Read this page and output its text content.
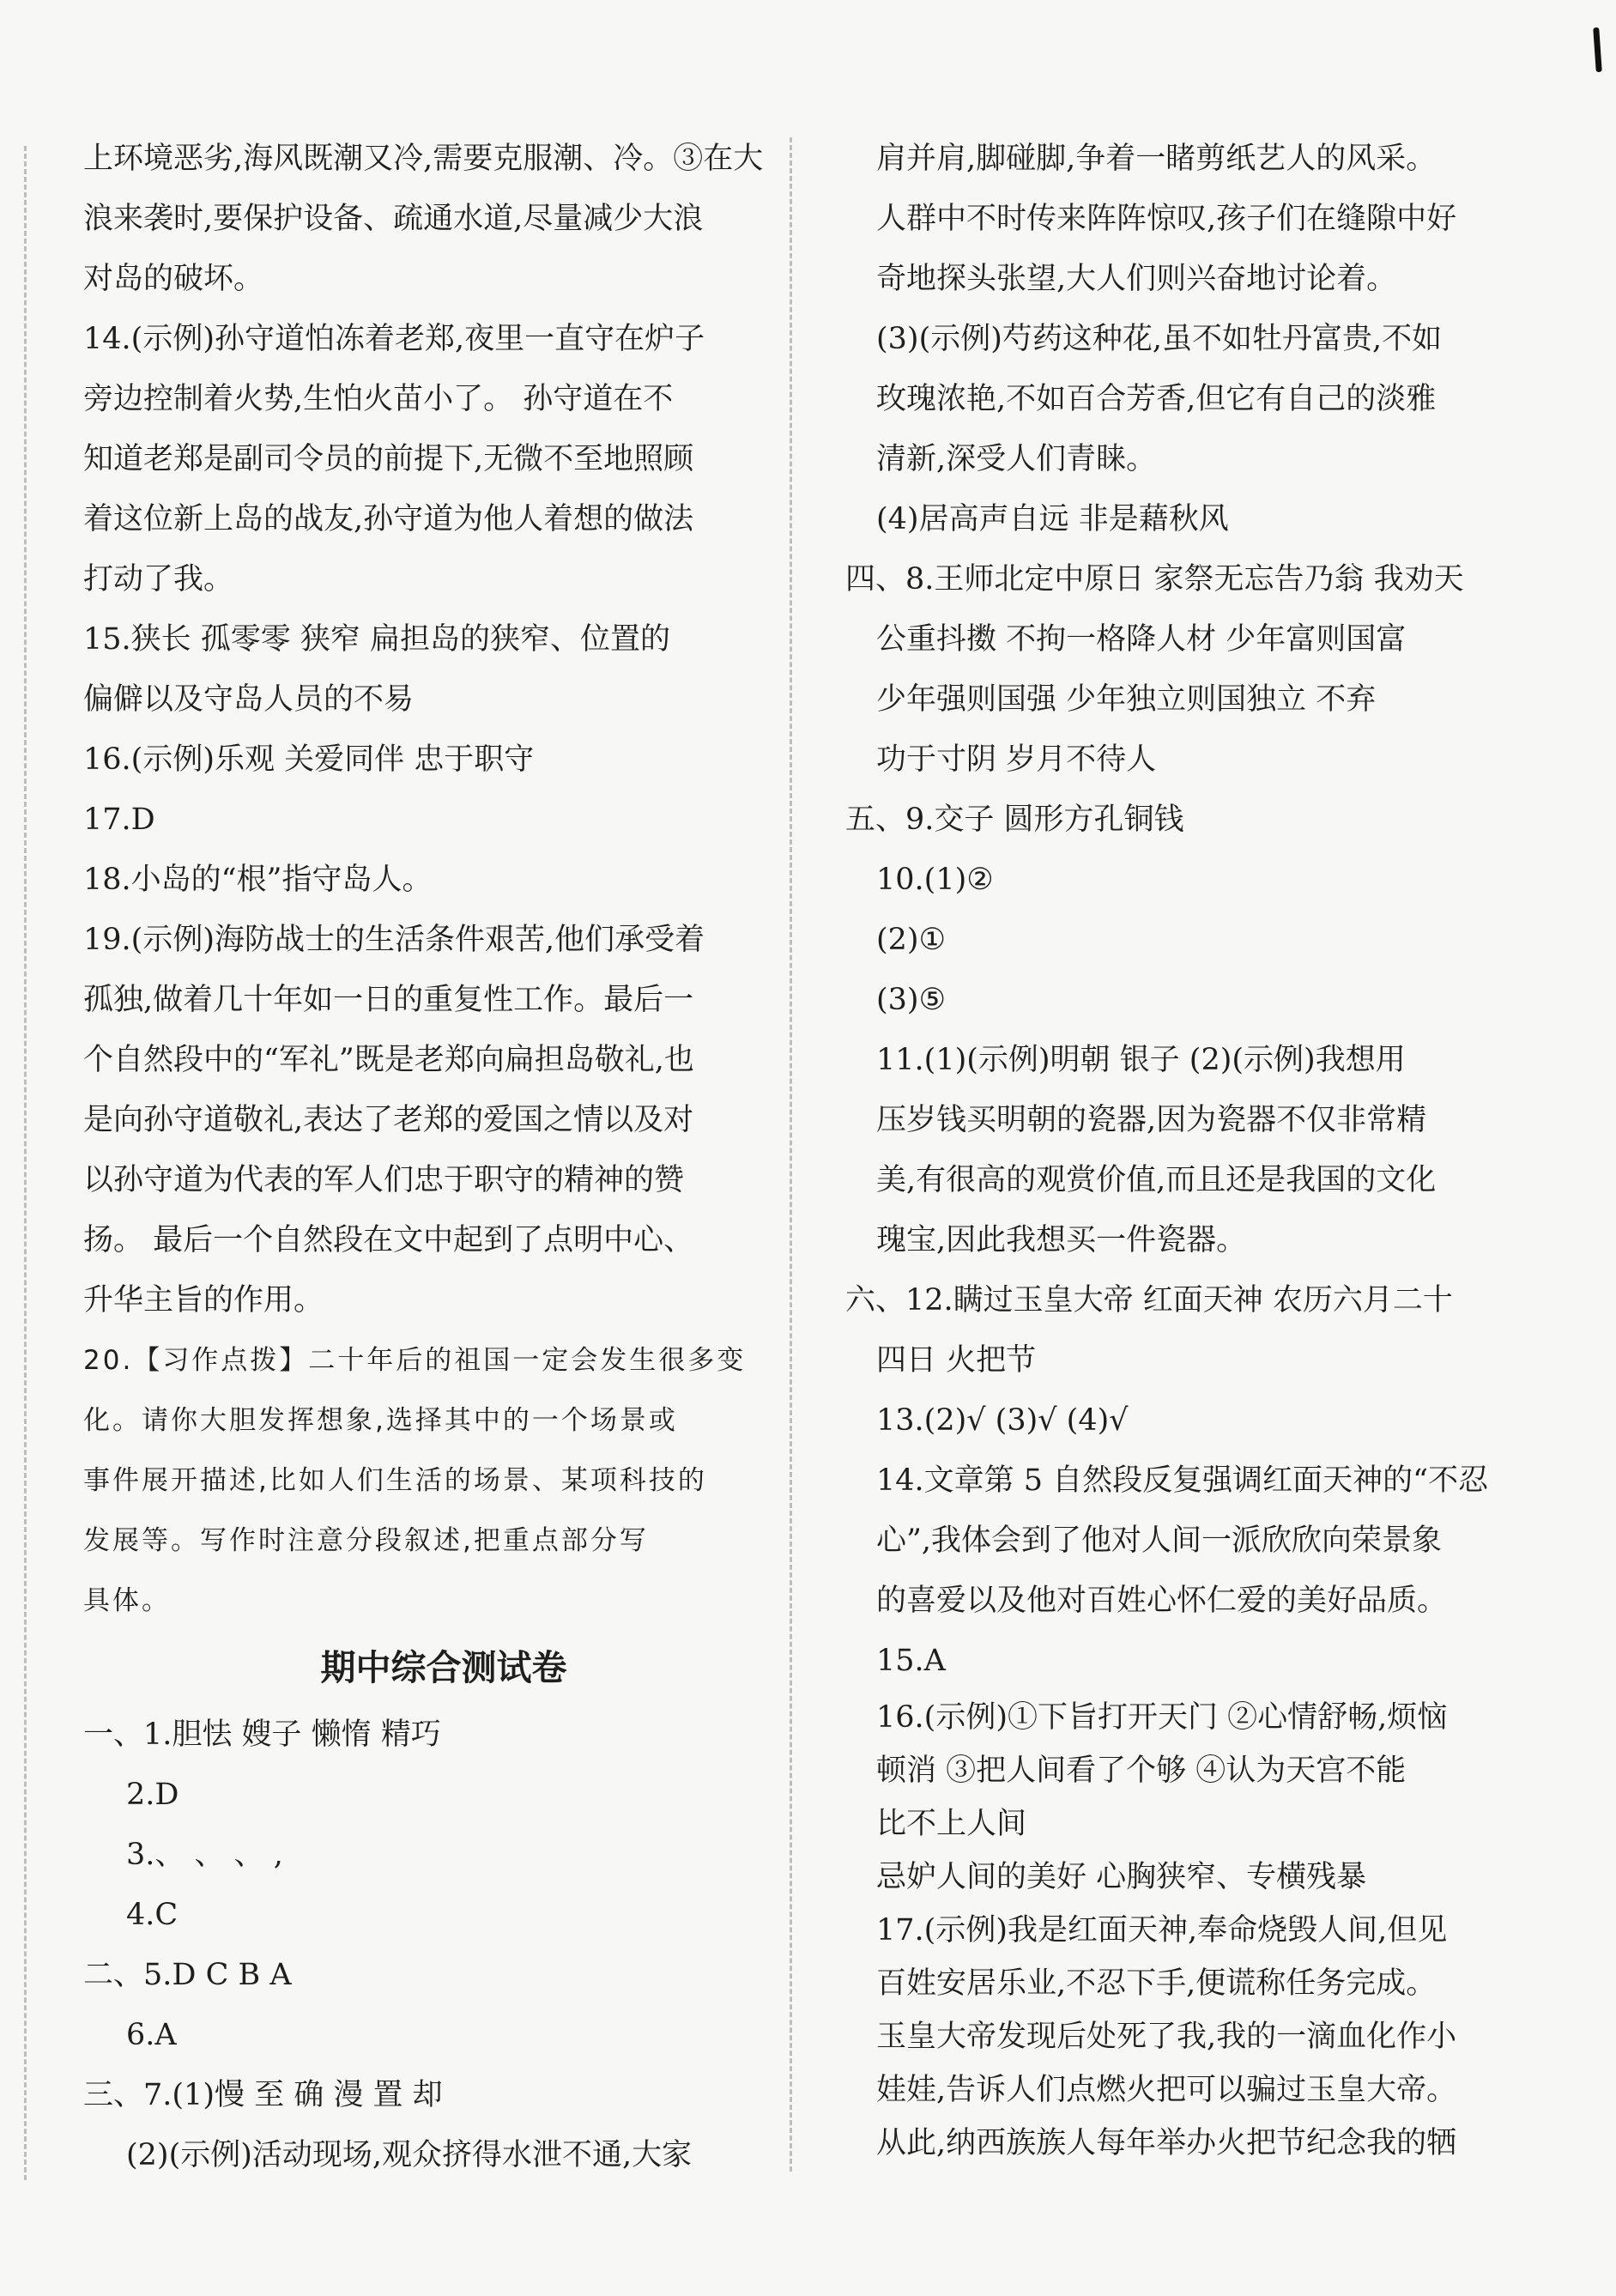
上环境恶劣,海风既潮又冷,需要克服潮、冷。③在大
浪来袭时,要保护设备、疏通水道,尽量减少大浪
对岛的破坏。
14.(示例)孙守道怕冻着老郑,夜里一直守在炉子
旁边控制着火势,生怕火苗小了。 孙守道在不
知道老郑是副司令员的前提下,无微不至地照顾
着这位新上岛的战友,孙守道为他人着想的做法
打动了我。
15.狭长 孤零零 狭窄 扁担岛的狭窄、位置的
偏僻以及守岛人员的不易
16.(示例)乐观 关爱同伴 忠于职守
17.D
18.小岛的“根”指守岛人。
19.(示例)海防战士的生活条件艰苦,他们承受着
孤独,做着几十年如一日的重复性工作。最后一
个自然段中的“军礼”既是老郑向扁担岛敬礼,也
是向孙守道敬礼,表达了老郑的爱国之情以及对
以孙守道为代表的军人们忠于职守的精神的赞
扬。 最后一个自然段在文中起到了点明中心、
升华主旨的作用。
20.【习作点拨】二十年后的祖国一定会发生很多变
化。请你大胆发挥想象,选择其中的一个场景或
事件展开描述,比如人们生活的场景、某项科技的
发展等。写作时注意分段叙述,把重点部分写
具体。
期中综合测试卷
一、1.胆怯 嫂子 懒惰 精巧
2.D
3.、 、 、 ,
4.C
二、5.D C B A
6.A
三、7.(1)慢 至 确 漫 置 却
(2)(示例)活动现场,观众挤得水泄不通,大家
肩并肩,脚碰脚,争着一睹剪纸艺人的风采。
人群中不时传来阵阵惊叹,孩子们在缝隙中好
奇地探头张望,大人们则兴奋地讨论着。
(3)(示例)芍药这种花,虽不如牡丹富贵,不如
玫瑰浓艳,不如百合芳香,但它有自己的淡雅
清新,深受人们青睐。
(4)居高声自远 非是藉秋风
四、8.王师北定中原日 家祭无忘告乃翁 我劝天
公重抖擞 不拘一格降人材 少年富则国富
少年强则国强 少年独立则国独立 不弃
功于寸阴 岁月不待人
五、9.交子 圆形方孔铜钱
10.(1)②
(2)①
(3)⑤
11.(1)(示例)明朝 银子 (2)(示例)我想用
压岁钱买明朝的瓷器,因为瓷器不仅非常精
美,有很高的观赏价值,而且还是我国的文化
瑰宝,因此我想买一件瓷器。
六、12.瞒过玉皇大帝 红面天神 农历六月二十
四日 火把节
13.(2)√ (3)√ (4)√
14.文章第 5 自然段反复强调红面天神的“不忍
心”,我体会到了他对人间一派欣欣向荣景象
的喜爱以及他对百姓心怀仁爱的美好品质。
15.A
16.(示例)①下旨打开天门 ②心情舒畅,烦恼
顿消 ③把人间看了个够 ④认为天宫不能
比不上人间
忌妒人间的美好 心胸狭窄、专横残暴
17.(示例)我是红面天神,奉命烧毁人间,但见
百姓安居乐业,不忍下手,便谎称任务完成。
玉皇大帝发现后处死了我,我的一滴血化作小
娃娃,告诉人们点燃火把可以骗过玉皇大帝。
从此,纳西族族人每年举办火把节纪念我的牺
